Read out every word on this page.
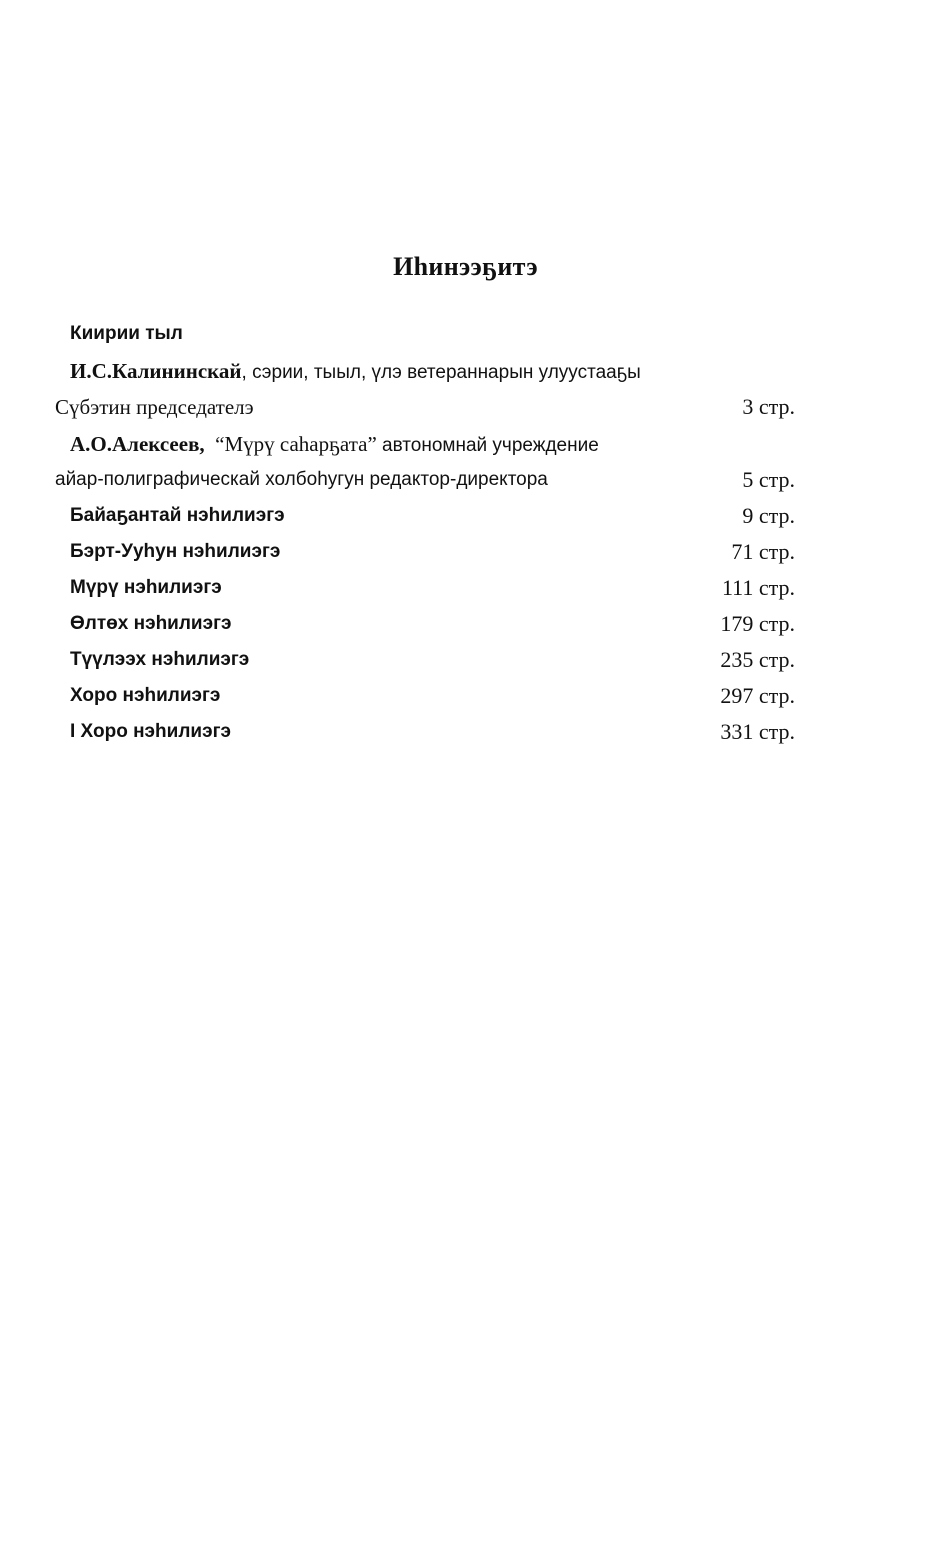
Иһинээҕитэ
Киирии тыл
И.С.Калининскай, сэрии, тыыл, үлэ ветераннарын улуустааҕы
Сүбэтин председателэ	3 стр.
А.О.Алексеев, “Мүрү саһарҕата” автономнай учреждение
айар-полиграфическай холбоһугун редактор-директора	5 стр.
Байаҕантай нэһилиэгэ	9 стр.
Бэрт-Ууһун нэһилиэгэ	71 стр.
Мүрү нэһилиэгэ	111 стр.
Өлтөх нэһилиэгэ	179 стр.
Түүлээх нэһилиэгэ	235 стр.
Хоро нэһилиэгэ	297 стр.
I Хоро нэһилиэгэ	331 стр.
